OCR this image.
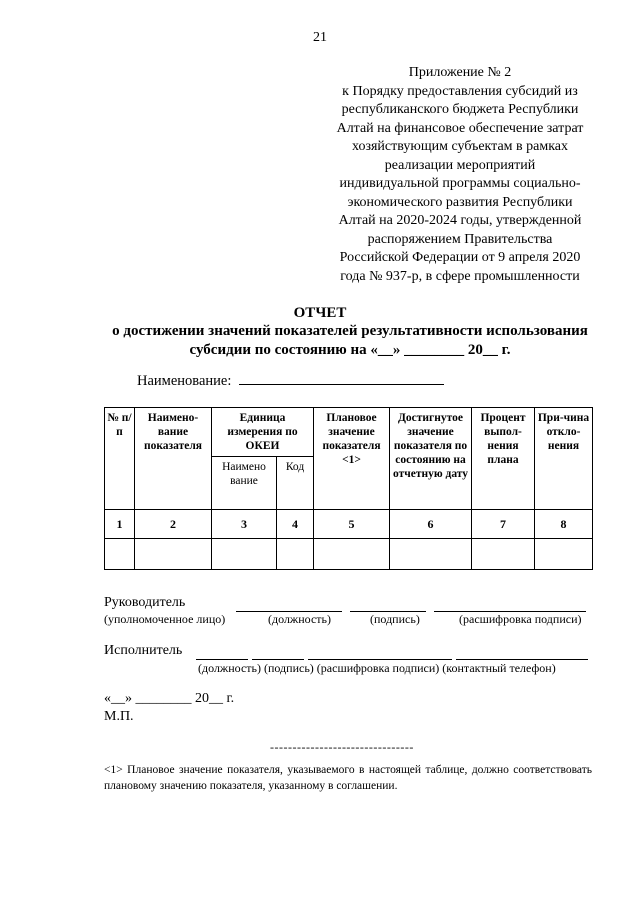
21
Приложение № 2
к Порядку предоставления субсидий из
республиканского бюджета Республики
Алтай на финансовое обеспечение затрат
хозяйствующим субъектам в рамках
реализации мероприятий
индивидуальной программы социально-
экономического развития Республики
Алтай на 2020-2024 годы, утвержденной
распоряжением Правительства
Российской Федерации от 9 апреля 2020
года № 937-р, в сфере промышленности
ОТЧЕТ
о достижении значений показателей результативности использования
субсидии по состоянию на «__» ________ 20__ г.
Наименование:
№ п/п	Наимено-вание показателя	Единица измерения по ОКЕИ		Плановое значение показателя <1>	Достигнутое значение показателя по состоянию на отчетную дату	Процент выпол-нения плана	При-чина откло-нения
		Наимено вание	Код				
1	2	3	4	5	6	7	8

Руководитель
(уполномоченное лицо)	(должность)	(подпись)	(расшифровка подписи)
Исполнитель
(должность) (подпись) (расшифровка подписи) (контактный телефон)
«__» ________ 20__ г.
М.П.
--------------------------------
<1> Плановое значение показателя, указываемого в настоящей таблице, должно соответствовать плановому значению показателя, указанному в соглашении.
